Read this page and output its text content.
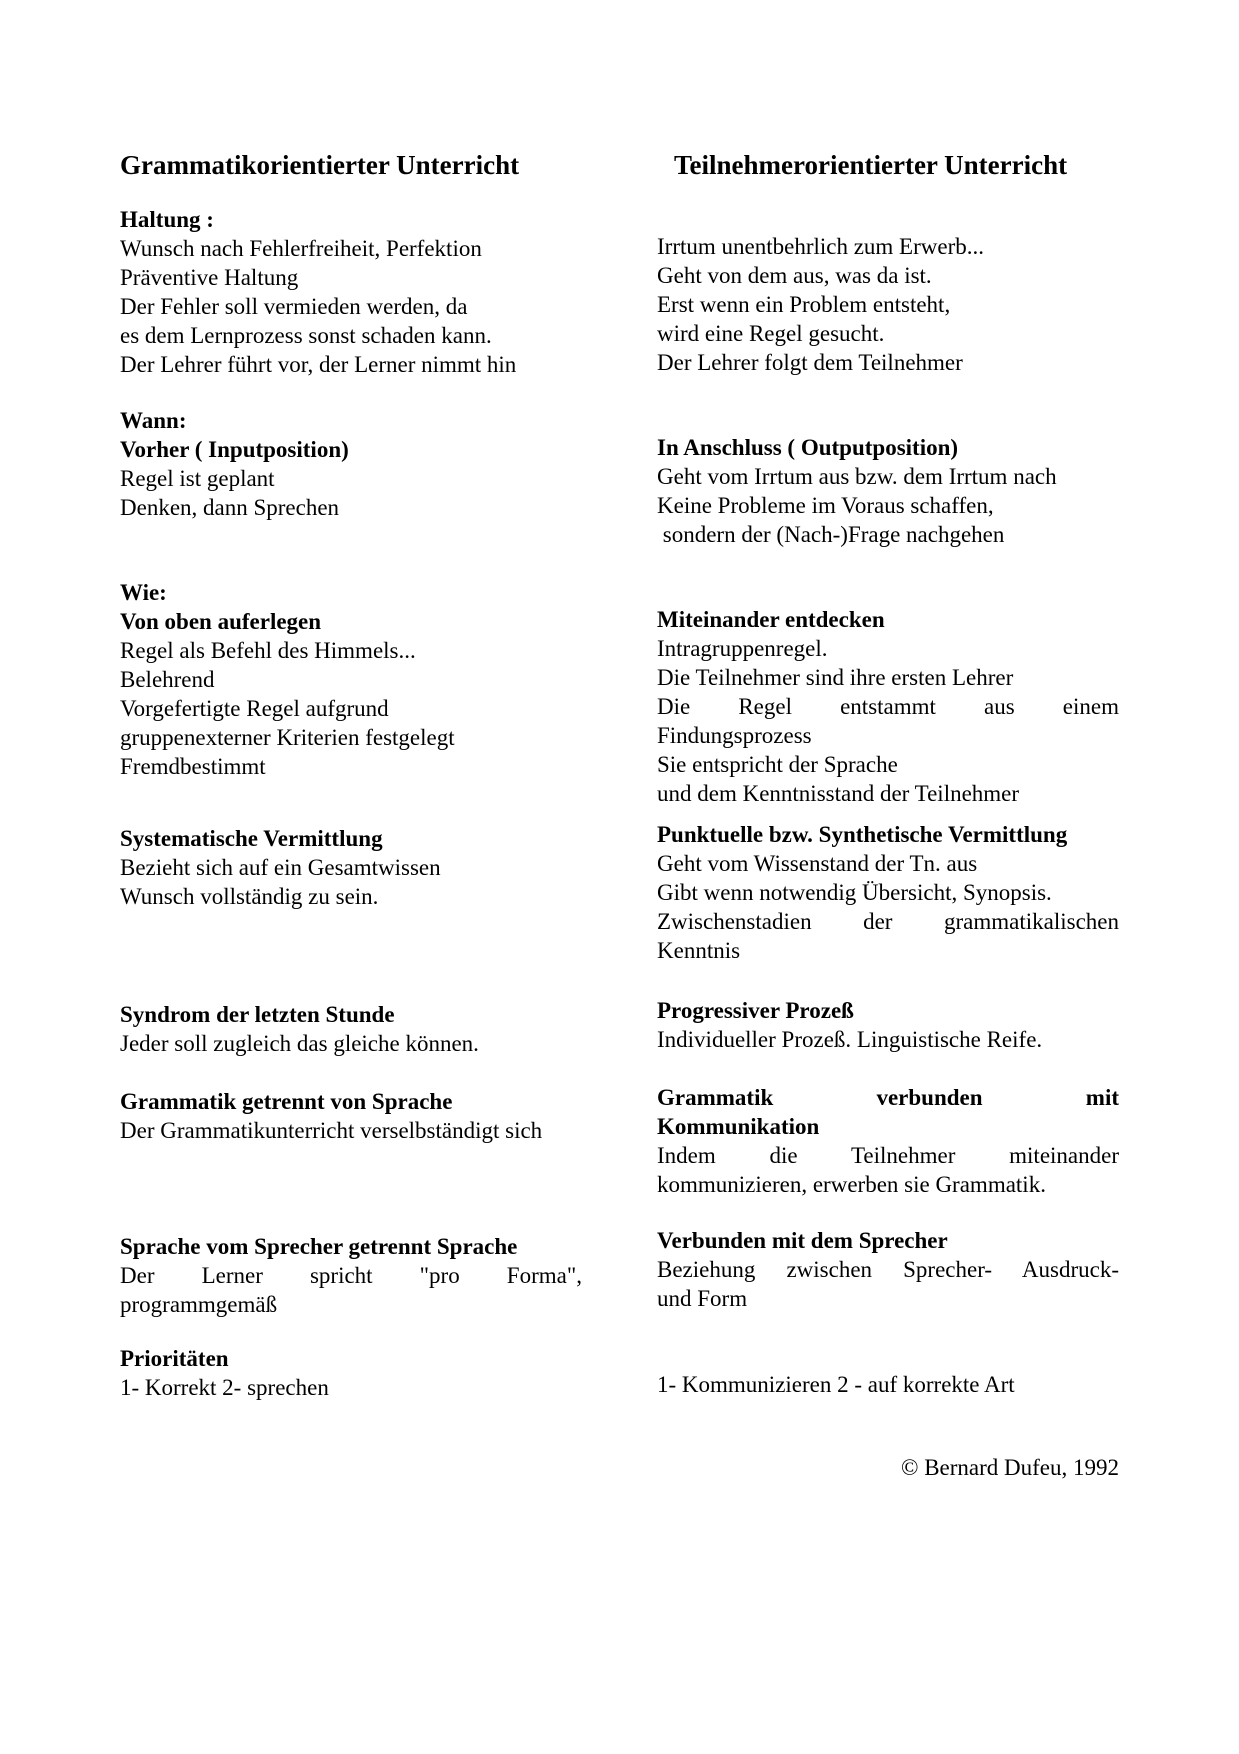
Grammatikorientierter Unterricht

Haltung :

Wunsch nach Fehlerfreiheit, Perfektion

Präventive Haltung

Der Fehler soll vermieden werden, da

es dem Lernprozess sonst schaden kann.

Der Lehrer führt vor, der Lerner nimmt hin

Wann:

Vorher ( Inputposition)

Regel ist geplant

Denken, dann Sprechen

Wie:

Von oben auferlegen

Regel als Befehl des Himmels...

Belehrend

Vorgefertigte Regel aufgrund

gruppenexterner Kriterien festgelegt

Fremdbestimmt

Systematische Vermittlung

Bezieht sich auf ein Gesamtwissen

Wunsch vollständig zu sein.

Syndrom der letzten Stunde

Jeder soll zugleich das gleiche können.

Grammatik getrennt von Sprache

Der Grammatikunterricht verselbständigt sich

Sprache vom Sprecher getrennt Sprache

Der Lerner spricht "pro Forma",

programmgemäß

Prioritäten

1- Korrekt 2- sprechen

Teilnehmerorientierter Unterricht

Irrtum unentbehrlich zum Erwerb...

Geht von dem aus, was da ist.

Erst wenn ein Problem entsteht,

wird eine Regel gesucht.

Der Lehrer folgt dem Teilnehmer

In Anschluss ( Outputposition)

Geht vom Irrtum aus bzw. dem Irrtum nach

Keine Probleme im Voraus schaffen,

sondern der (Nach-)Frage nachgehen

Miteinander entdecken

Intragruppenregel.

Die Teilnehmer sind ihre ersten Lehrer

Die Regel entstammt aus einem

Findungsprozess

Sie entspricht der Sprache

und dem Kenntnisstand der Teilnehmer

Punktuelle bzw. Synthetische Vermittlung

Geht vom Wissenstand der Tn. aus

Gibt wenn notwendig Übersicht, Synopsis.

Zwischenstadien der grammatikalischen

Kenntnis

Progressiver Prozeß

Individueller Prozeß. Linguistische Reife.

Grammatik verbunden mit

Kommunikation

Indem die Teilnehmer miteinander

kommunizieren, erwerben sie Grammatik.

Verbunden mit dem Sprecher

Beziehung zwischen Sprecher- Ausdruck-

und Form

1- Kommunizieren 2 - auf korrekte Art

© Bernard Dufeu, 1992
